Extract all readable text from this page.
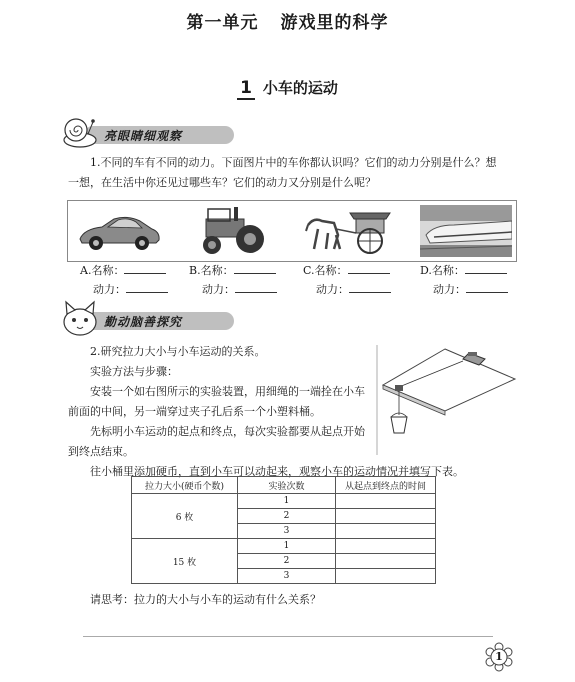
第一单元 游戏里的科学
1 小车的运动
亮眼睛细观察
1.不同的车有不同的动力。下面图片中的车你都认识吗？它们的动力分别是什么？想
一想，在生活中你还见过哪些车？它们的动力又分别是什么呢？
A.名称：
动力：
B.名称：
动力：
C.名称：
动力：
D.名称：
动力：
勤动脑善探究
2.研究拉力大小与小车运动的关系。
实验方法与步骤：
安装一个如右图所示的实验装置，用细绳的一端拴在小车
前面的中间，另一端穿过夹子孔后系一个小塑料桶。
先标明小车运动的起点和终点，每次实验都要从起点开始
到终点结束。
往小桶里添加硬币，直到小车可以动起来，观察小车的运动情况并填写下表。
拉力大小(硬币个数)	实验次数	从起点到终点的时间
6 枚	1	
	2	
	3	
15 枚	1	
	2	
	3	
请思考：拉力的大小与小车的运动有什么关系？
1
